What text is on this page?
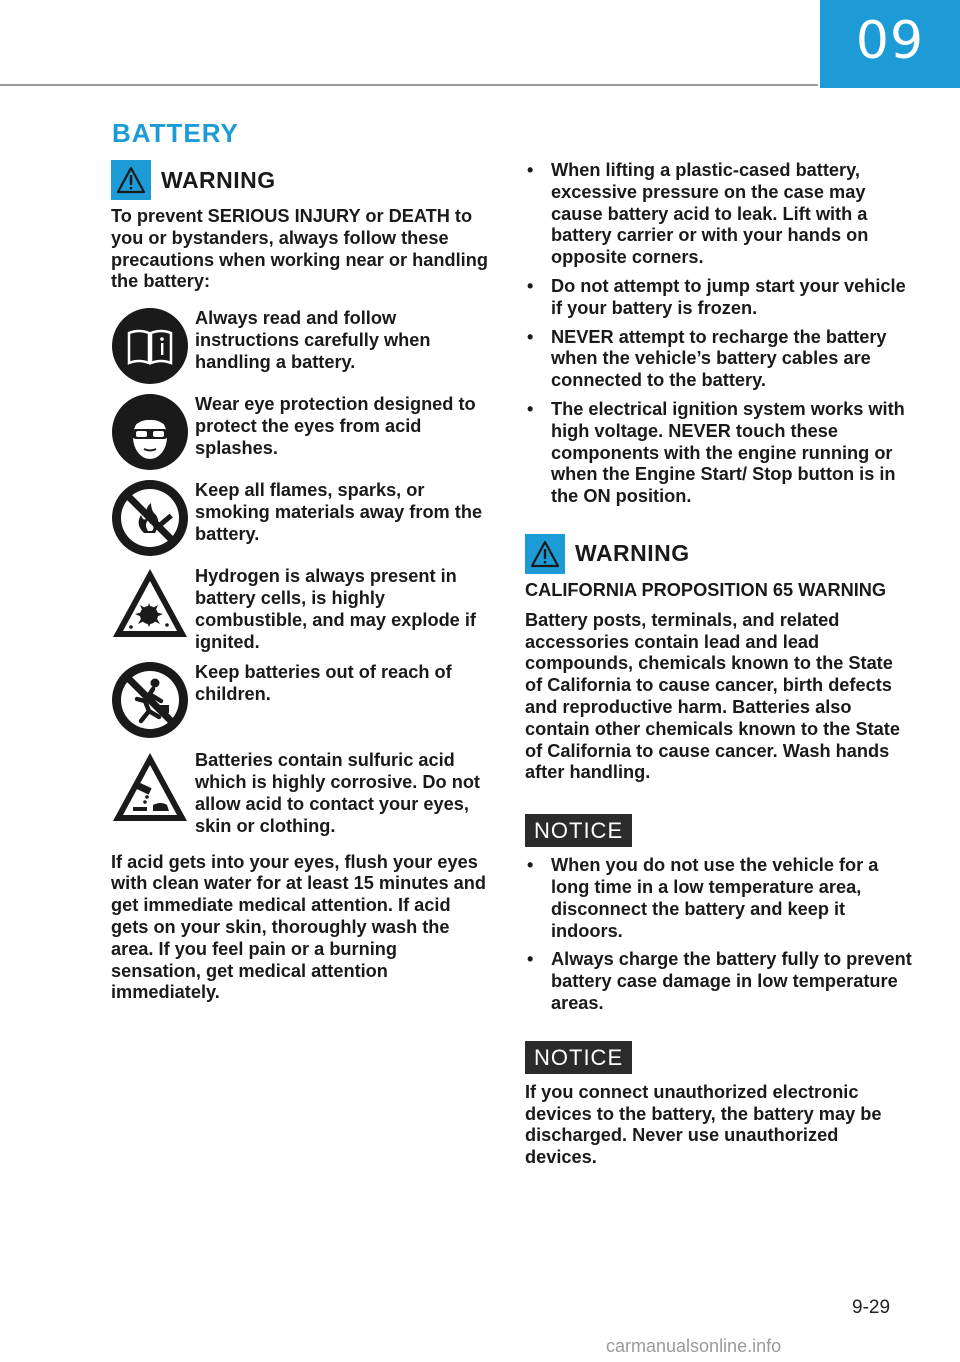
09
BATTERY
WARNING

To prevent SERIOUS INJURY or DEATH to you or bystanders, always follow these precautions when working near or handling the battery:

Always read and follow instructions carefully when handling a battery.

Wear eye protection designed to protect the eyes from acid splashes.

Keep all flames, sparks, or smoking materials away from the battery.

Hydrogen is always present in battery cells, is highly combustible, and may explode if ignited.

Keep batteries out of reach of children.

Batteries contain sulfuric acid which is highly corrosive. Do not allow acid to contact your eyes, skin or clothing.

If acid gets into your eyes, flush your eyes with clean water for at least 15 minutes and get immediate medical attention. If acid gets on your skin, thoroughly wash the area. If you feel pain or a burning sensation, get medical attention immediately.

• When lifting a plastic-cased battery, excessive pressure on the case may cause battery acid to leak. Lift with a battery carrier or with your hands on opposite corners.

• Do not attempt to jump start your vehicle if your battery is frozen.

• NEVER attempt to recharge the battery when the vehicle’s battery cables are connected to the battery.

• The electrical ignition system works with high voltage. NEVER touch these components with the engine running or when the Engine Start/ Stop button is in the ON position.

WARNING

CALIFORNIA PROPOSITION 65 WARNING

Battery posts, terminals, and related accessories contain lead and lead compounds, chemicals known to the State of California to cause cancer, birth defects and reproductive harm. Batteries also contain other chemicals known to the State of California to cause cancer. Wash hands after handling.

NOTICE
• When you do not use the vehicle for a long time in a low temperature area, disconnect the battery and keep it indoors.

• Always charge the battery fully to prevent battery case damage in low temperature areas.

NOTICE

If you connect unauthorized electronic devices to the battery, the battery may be discharged. Never use unauthorized devices.

9-29
carmanualsonline.info
